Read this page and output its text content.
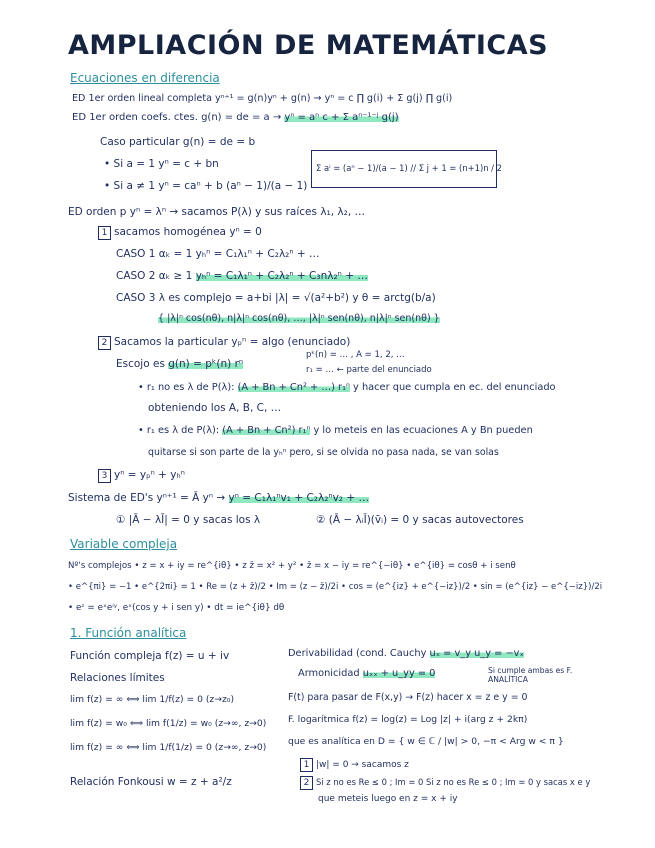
AMPLIACIÓN DE MATEMÁTICAS
Ecuaciones en diferencia
ED 1er orden lineal completa yⁿ⁺¹ = g(n)yⁿ + g(n) → yⁿ = c ∏ g(i) + Σ g(j) ∏ g(i)
ED 1er orden coefs. ctes. g(n) = de = a → yⁿ = aⁿ c + Σ aⁿ⁻¹⁻ʲ g(j)
Caso particular g(n) = de = b
• Si a = 1 yⁿ = c + bn
• Si a ≠ 1 yⁿ = caⁿ + b (aⁿ − 1)/(a − 1)
Σ aⁱ = (aⁿ − 1)/(a − 1) // Σ j + 1 = (n+1)n / 2
ED orden p yⁿ = λⁿ → sacamos P(λ) y sus raíces λ₁, λ₂, …
1 sacamos homogénea yⁿ = 0
CASO 1 αₖ = 1 yₕⁿ = C₁λ₁ⁿ + C₂λ₂ⁿ + …
CASO 2 αₖ ≥ 1 yₕⁿ = C₁λ₁ⁿ + C₂λ₂ⁿ + C₃nλ₂ⁿ + …
CASO 3 λ es complejo = a+bi |λ| = √(a²+b²) y θ = arctg(b/a)
{ |λ|ⁿ cos(nθ), n|λ|ⁿ cos(nθ), …, |λ|ⁿ sen(nθ), n|λ|ⁿ sen(nθ) }
2 Sacamos la particular yₚⁿ = algo (enunciado)
Escojo es g(n) = pᵏ(n) rⁿ
pᵏ(n) = … , A = 1, 2, …
r₁ = … ← parte del enunciado
• r₁ no es λ de P(λ): (A + Bn + Cn² + …) r₁ⁿ y hacer que cumpla en ec. del enunciado
obteniendo los A, B, C, …
• r₁ es λ de P(λ): (A + Bn + Cn²) r₁ⁿ y lo meteis en las ecuaciones A y Bn pueden
quitarse si son parte de la yₕⁿ pero, si se olvida no pasa nada, se van solas
3 yⁿ = yₚⁿ + yₕⁿ
Sistema de ED's yⁿ⁺¹ = Ā yⁿ → yⁿ = C₁λ₁ⁿv₁ + C₂λ₂ⁿv₂ + …
① |Ā − λĪ| = 0 y sacas los λ	② (Ā − λᵢĪ)(v̄ᵢ) = 0 y sacas autovectores
Variable compleja
Nº's complejos • z = x + iy = re^{iθ} • z z̄ = x² + y² • z̄ = x − iy = re^{−iθ} • e^{iθ} = cosθ + i senθ
• e^{πi} = −1 • e^{2πi} = 1 • Re = (z + z̄)/2 • Im = (z − z̄)/2i • cos = (e^{iz} + e^{−iz})/2 • sin = (e^{iz} − e^{−iz})/2i
• eᶻ = eˣeⁱʸ, eˣ(cos y + i sen y) • dt = ie^{iθ} dθ
1. Función analítica
Función compleja f(z) = u + iv
Relaciones límites
lim f(z) = ∞ ⟺ lim 1/f(z) = 0 (z→z₀)
lim f(z) = w₀ ⟺ lim f(1/z) = w₀ (z→∞, z→0)
lim f(z) = ∞ ⟺ lim 1/f(1/z) = 0 (z→∞, z→0)
Relación Fonkousi w = z + a²/z
Derivabilidad (cond. Cauchy uₓ = v_y u_y = −vₓ
Armonicidad uₓₓ + u_yy = 0	Si cumple ambas es F. ANALÍTICA
F(t) para pasar de F(x,y) → F(z) hacer x = z e y = 0
F. logarítmica f(z) = log(z) = Log |z| + i(arg z + 2kπ)
que es analítica en D = { w ∈ ℂ / |w| > 0, −π < Arg w < π }
1 |w| = 0 → sacamos z
2 Si z no es Re ≤ 0 ; Im = 0 Si z no es Re ≤ 0 ; Im = 0 y sacas x e y
que meteis luego en z = x + iy
